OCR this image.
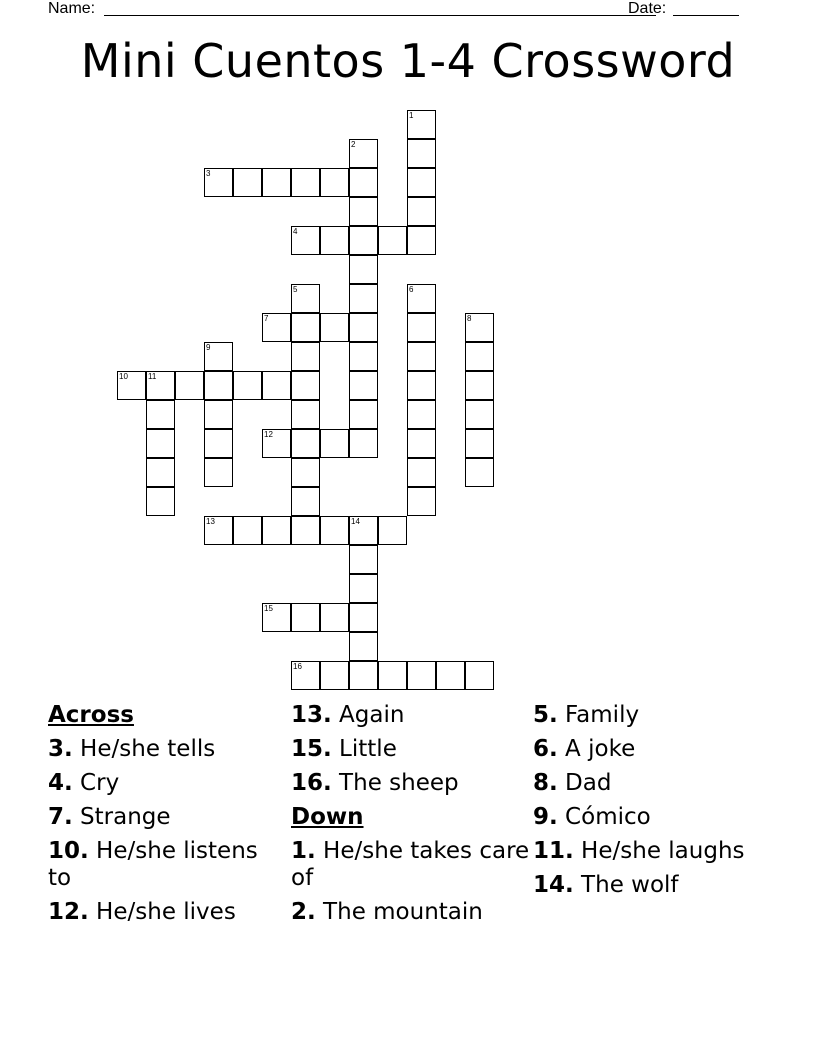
Name:	Date:
Mini Cuentos 1-4 Crossword
1
2
3
4
5	6
7	8
9
10	11
12
13	14
15
16
Across
3. He/she tells
4. Cry
7. Strange
10. He/she listens to
12. He/she lives
13. Again
15. Little
16. The sheep
Down
1. He/she takes care of
2. The mountain
5. Family
6. A joke
8. Dad
9. Cómico
11. He/she laughs
14. The wolf
